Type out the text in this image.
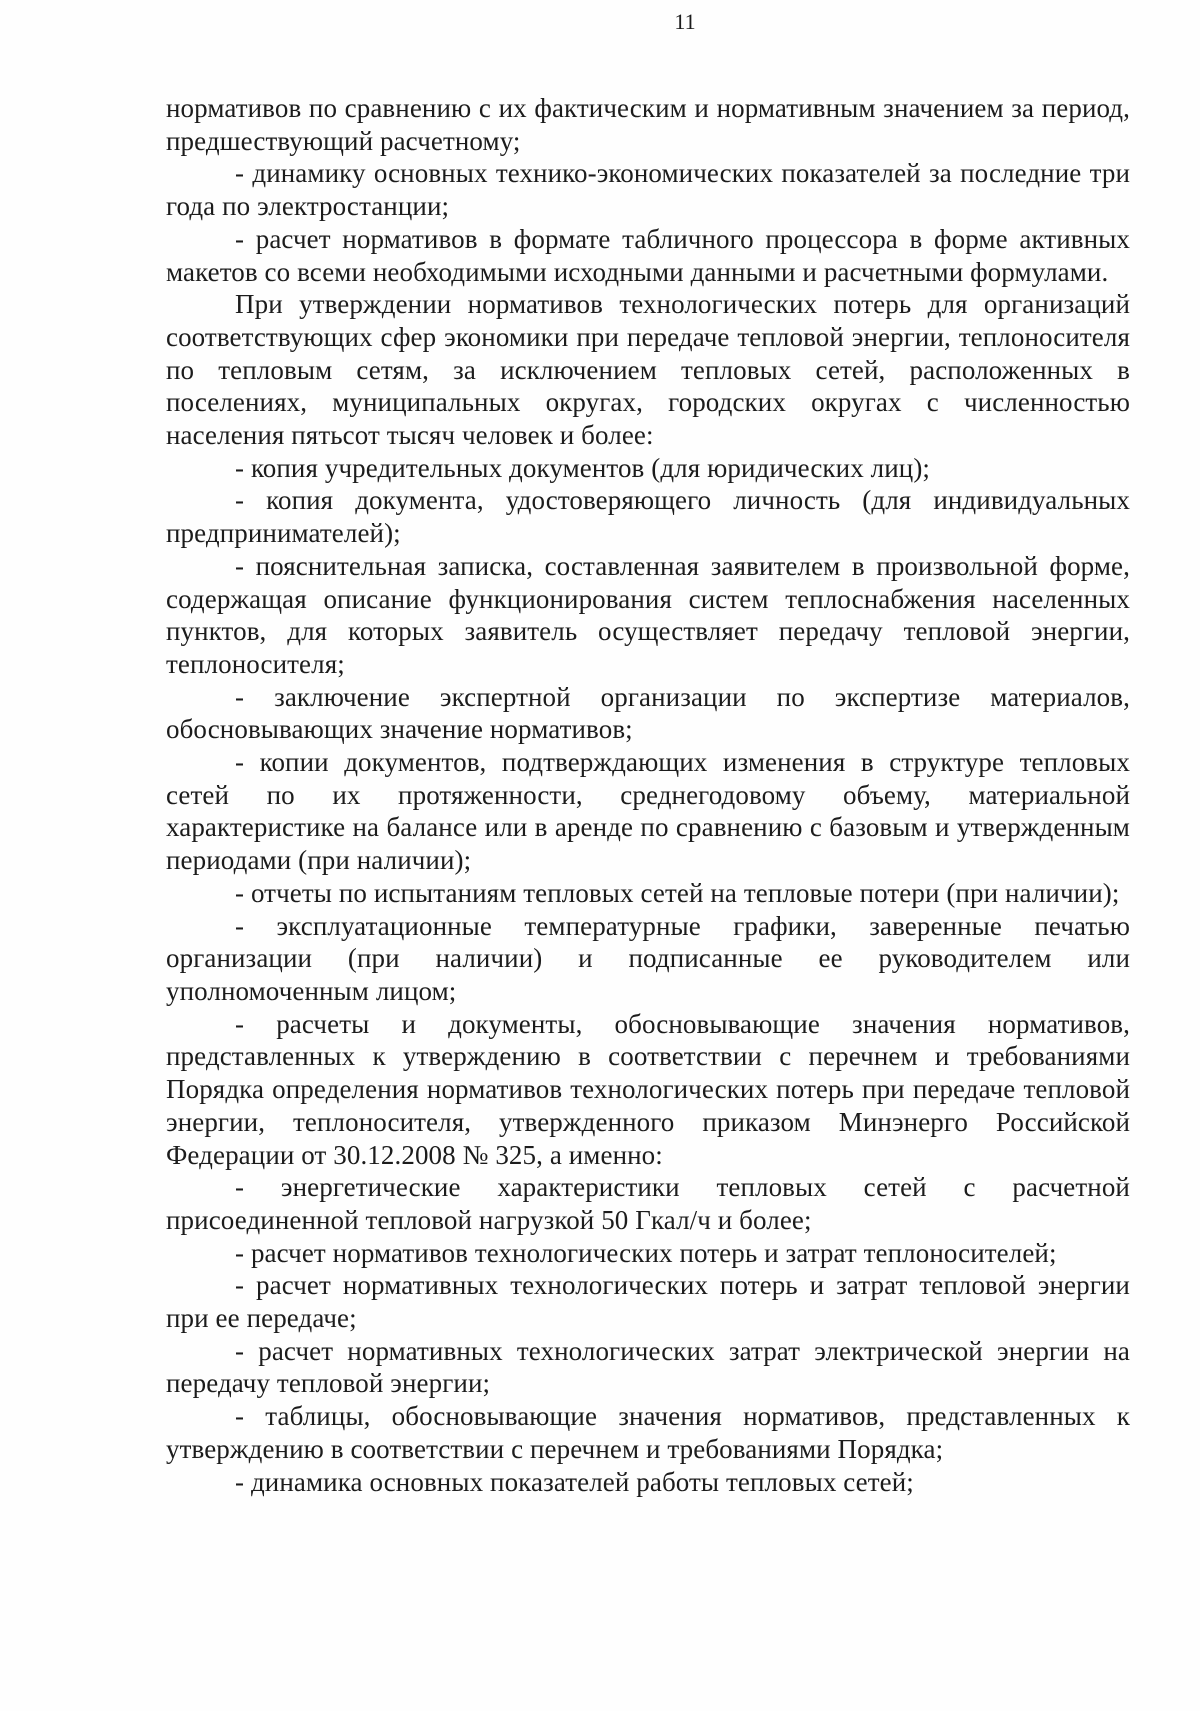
11

нормативов по сравнению с их фактическим и нормативным значением за период, предшествующий расчетному;

- динамику основных технико-экономических показателей за последние три года по электростанции;

- расчет нормативов в формате табличного процессора в форме активных макетов со всеми необходимыми исходными данными и расчетными формулами.

При утверждении нормативов технологических потерь для организаций соответствующих сфер экономики при передаче тепловой энергии, теплоносителя по тепловым сетям, за исключением тепловых сетей, расположенных в поселениях, муниципальных округах, городских округах с численностью населения пятьсот тысяч человек и более:

- копия учредительных документов (для юридических лиц);

- копия документа, удостоверяющего личность (для индивидуальных предпринимателей);

- пояснительная записка, составленная заявителем в произвольной форме, содержащая описание функционирования систем теплоснабжения населенных пунктов, для которых заявитель осуществляет передачу тепловой энергии, теплоносителя;

- заключение экспертной организации по экспертизе материалов, обосновывающих значение нормативов;

- копии документов, подтверждающих изменения в структуре тепловых сетей по их протяженности, среднегодовому объему, материальной характеристике на балансе или в аренде по сравнению с базовым и утвержденным периодами (при наличии);

- отчеты по испытаниям тепловых сетей на тепловые потери (при наличии);

- эксплуатационные температурные графики, заверенные печатью организации (при наличии) и подписанные ее руководителем или уполномоченным лицом;

- расчеты и документы, обосновывающие значения нормативов, представленных к утверждению в соответствии с перечнем и требованиями Порядка определения нормативов технологических потерь при передаче тепловой энергии, теплоносителя, утвержденного приказом Минэнерго Российской Федерации от 30.12.2008 № 325, а именно:

- энергетические характеристики тепловых сетей с расчетной присоединенной тепловой нагрузкой 50 Гкал/ч и более;

- расчет нормативов технологических потерь и затрат теплоносителей;

- расчет нормативных технологических потерь и затрат тепловой энергии при ее передаче;

- расчет нормативных технологических затрат электрической энергии на передачу тепловой энергии;

- таблицы, обосновывающие значения нормативов, представленных к утверждению в соответствии с перечнем и требованиями Порядка;

- динамика основных показателей работы тепловых сетей;
